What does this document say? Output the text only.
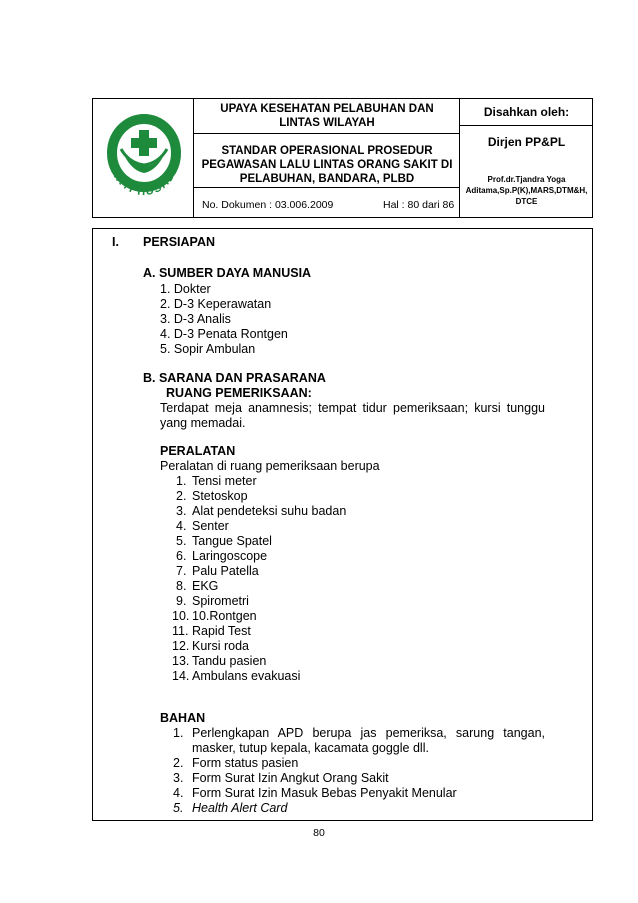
BAKTI HUSADA
UPAYA KESEHATAN PELABUHAN DAN LINTAS WILAYAH
STANDAR OPERASIONAL PROSEDUR PEGAWASAN LALU LINTAS ORANG SAKIT DI PELABUHAN, BANDARA, PLBD
No. Dokumen : 03.006.2009	Hal : 80 dari 86
Disahkan oleh:
Dirjen PP&PL
Prof.dr.Tjandra Yoga Aditama,Sp.P(K),MARS,DTM&H, DTCE
I. PERSIAPAN
A. SUMBER DAYA MANUSIA
1. Dokter
2. D-3 Keperawatan
3. D-3 Analis
4. D-3 Penata Rontgen
5. Sopir Ambulan
B. SARANA DAN PRASARANA
RUANG PEMERIKSAAN:
Terdapat meja anamnesis; tempat tidur pemeriksaan; kursi tunggu yang memadai.
PERALATAN
Peralatan di ruang pemeriksaan berupa
1. Tensi meter
2. Stetoskop
3. Alat pendeteksi suhu badan
4. Senter
5. Tangue Spatel
6. Laringoscope
7. Palu Patella
8. EKG
9. Spirometri
10. 10.Rontgen
11. Rapid Test
12. Kursi roda
13. Tandu pasien
14. Ambulans evakuasi
BAHAN
1. Perlengkapan APD berupa jas pemeriksa, sarung tangan, masker, tutup kepala, kacamata goggle dll.
2. Form status pasien
3. Form Surat Izin Angkut Orang Sakit
4. Form Surat Izin Masuk Bebas Penyakit Menular
5. Health Alert Card
80
